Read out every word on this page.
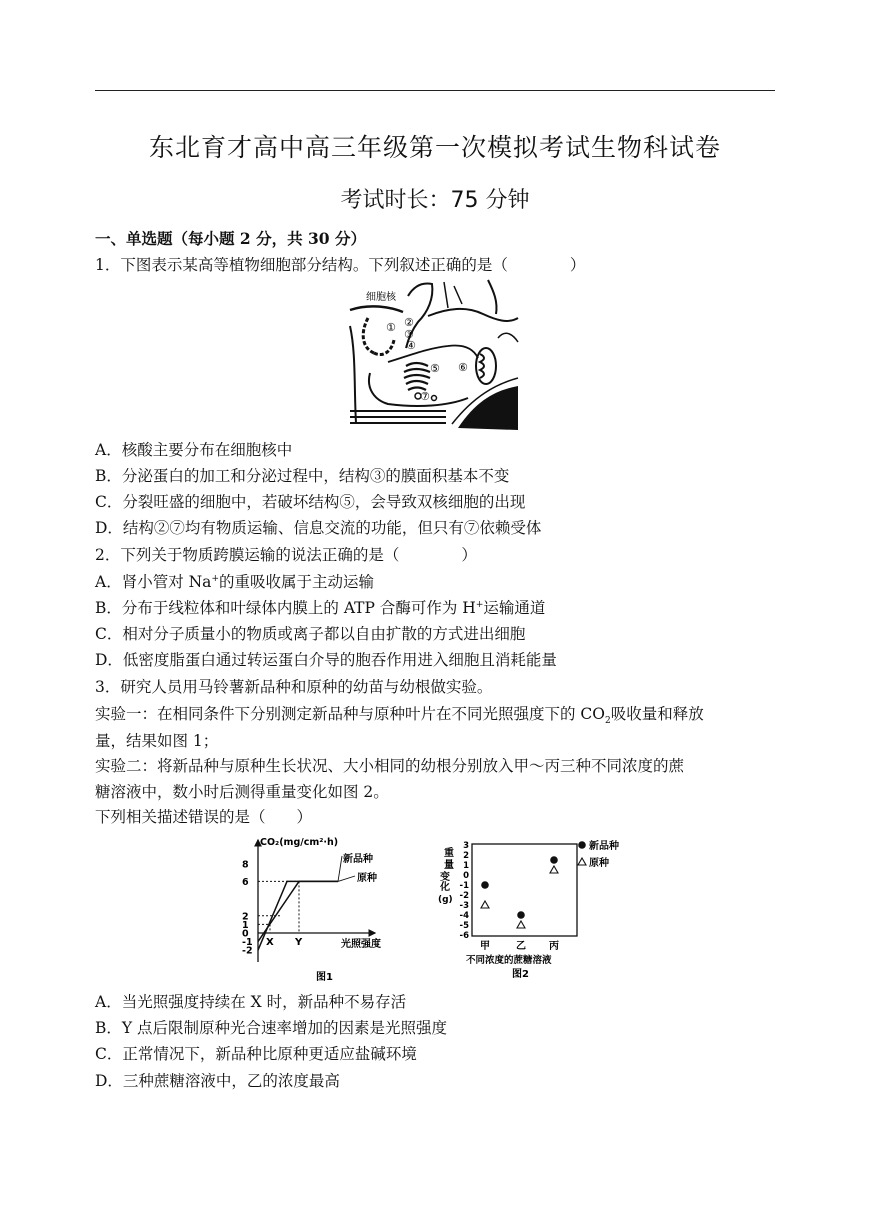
东北育才高中高三年级第一次模拟考试生物科试卷
考试时长：75 分钟
一、单选题（每小题 2 分，共 30 分）
1．下图表示某高等植物细胞部分结构。下列叙述正确的是（　　　　）
细胞核
① ②
③
④
⑤ ⑥
⑦
A．核酸主要分布在细胞核中
B．分泌蛋白的加工和分泌过程中，结构③的膜面积基本不变
C．分裂旺盛的细胞中，若破坏结构⑤，会导致双核细胞的出现
D．结构②⑦均有物质运输、信息交流的功能，但只有⑦依赖受体
2．下列关于物质跨膜运输的说法正确的是（　　　　）
A．肾小管对 Na+的重吸收属于主动运输
B．分布于线粒体和叶绿体内膜上的 ATP 合酶可作为 H+运输通道
C．相对分子质量小的物质或离子都以自由扩散的方式进出细胞
D．低密度脂蛋白通过转运蛋白介导的胞吞作用进入细胞且消耗能量
3．研究人员用马铃薯新品种和原种的幼苗与幼根做实验。
实验一：在相同条件下分别测定新品种与原种叶片在不同光照强度下的 $CO_2$吸收量和释放
量，结果如图 1；
实验二：将新品种与原种生长状况、大小相同的幼根分别放入甲～丙三种不同浓度的蔗
糖溶液中，数小时后测得重量变化如图 2。
下列相关描述错误的是（　　）
CO₂(mg/cm²·h)
光照强度
图1
新品种
原种
8
6
2
1
0
-1
-2
X Y
重
量
变
化
(g)
不同浓度的蔗糖溶液
图2
新品种
原种
3
2
1
0
-1
-2
-3
-4
-5
-6
甲	乙 丙
A．当光照强度持续在 X 时，新品种不易存活
B．Y 点后限制原种光合速率增加的因素是光照强度
C．正常情况下，新品种比原种更适应盐碱环境
D．三种蔗糖溶液中，乙的浓度最高
